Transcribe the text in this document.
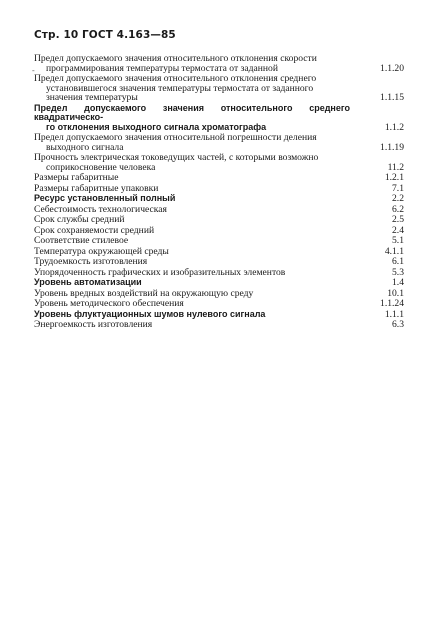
Стр. 10 ГОСТ 4.163—85
-
Предел допускаемого значения относительного отклонения скорости
программирования температуры термостата от заданной	1.1.20
Предел допускаемого значения относительного отклонения среднего
установившегося значения температуры термостата от заданного
значения температуры	1.1.15
Предел допускаемого значения относительного среднего квадратическо-
го отклонения выходного сигнала хроматографа	1.1.2
Предел допускаемого значения относительной погрешности деления
выходного сигнала	1.1.19
Прочность электрическая токоведущих частей, с которыми возможно
соприкосновение человека	11.2
Размеры габаритные	1.2.1
Размеры габаритные упаковки	7.1
Ресурс установленный полный	2.2
Себестоимость технологическая	6.2
Срок службы средний	2.5
Срок сохраняемости средний	2.4
Соответствие стилевое	5.1
Температура окружающей среды	4.1.1
Трудоемкость изготовления	6.1
Упорядоченность графических и изобразительных элементов	5.3
Уровень автоматизации	1.4
Уровень вредных воздействий на окружающую среду	10.1
Уровень методического обеспечения	1.1.24
Уровень флуктуационных шумов нулевого сигнала	1.1.1
Энергоемкость изготовления	6.3
